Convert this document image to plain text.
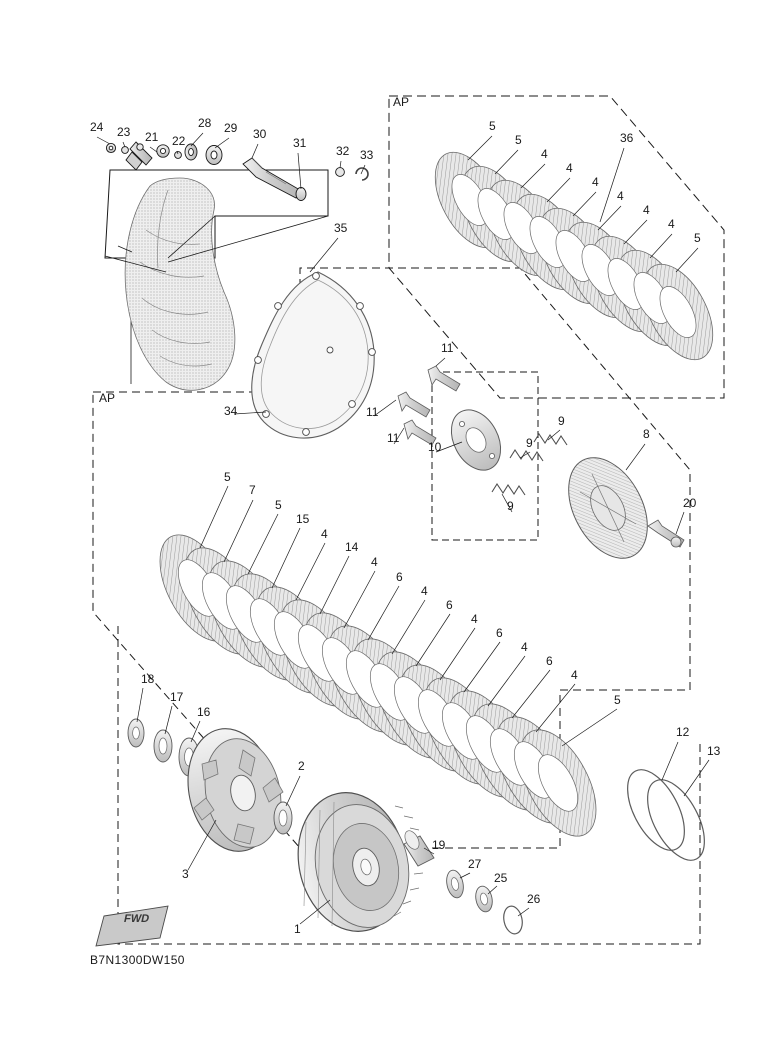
24 23 21 22
28 29 30
31
32 33
35
34
36
5
5
4
4
4
4
4
4
5
11
11
11
10
9
9
9
8
20
5
7
5
15
4
14
4
6
4
6
4
6
4
6
4
5
18
17
16
3
2
1
19
27
25
26
12
13
AP
AP
FWD
B7N1300DW150
